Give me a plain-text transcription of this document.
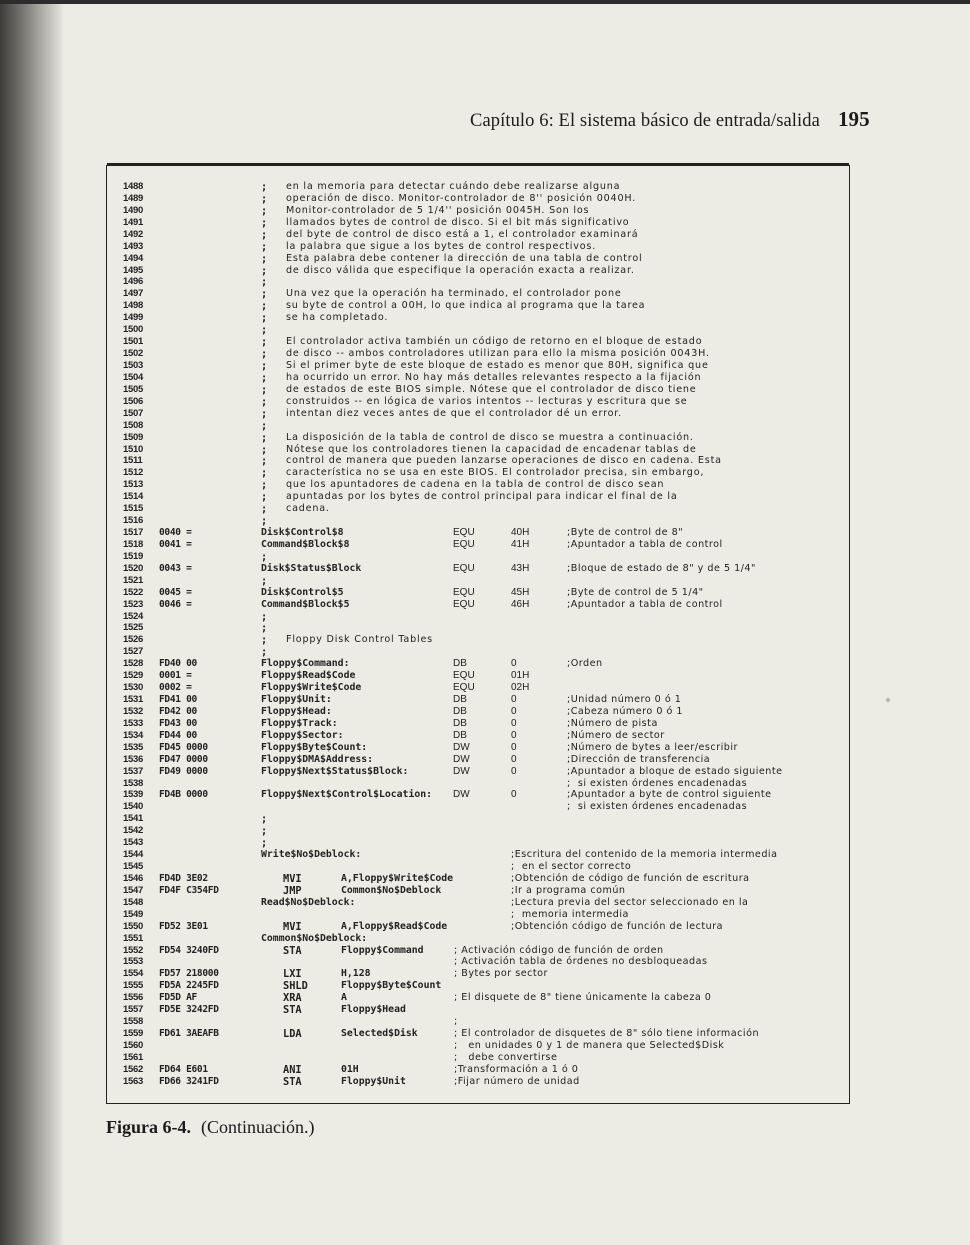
Capítulo 6: El sistema básico de entrada/salida 195
1488	; en la memoria para detectar cuándo debe realizarse alguna
1489	; operación de disco. Monitor-controlador de 8'' posición 0040H.
1490	; Monitor-controlador de 5 1/4'' posición 0045H. Son los
1491	; llamados bytes de control de disco. Si el bit más significativo
1492	; del byte de control de disco está a 1, el controlador examinará
1493	; la palabra que sigue a los bytes de control respectivos.
1494	; Esta palabra debe contener la dirección de una tabla de control
1495	; de disco válida que especifique la operación exacta a realizar.
1496	;
1497	; Una vez que la operación ha terminado, el controlador pone
1498	; su byte de control a 00H, lo que indica al programa que la tarea
1499	; se ha completado.
1500	;
1501	; El controlador activa también un código de retorno en el bloque de estado
1502	; de disco -- ambos controladores utilizan para ello la misma posición 0043H.
1503	; Si el primer byte de este bloque de estado es menor que 80H, significa que
1504	; ha ocurrido un error. No hay más detalles relevantes respecto a la fijación
1505	; de estados de este BIOS simple. Nótese que el controlador de disco tiene
1506	; construidos -- en lógica de varios intentos -- lecturas y escritura que se
1507	; intentan diez veces antes de que el controlador dé un error.
1508	;
1509	; La disposición de la tabla de control de disco se muestra a continuación.
1510	; Nótese que los controladores tienen la capacidad de encadenar tablas de
1511	; control de manera que pueden lanzarse operaciones de disco en cadena. Esta
1512	; característica no se usa en este BIOS. El controlador precisa, sin embargo,
1513	; que los apuntadores de cadena en la tabla de control de disco sean
1514	; apuntadas por los bytes de control principal para indicar el final de la
1515	; cadena.
1516	;
1517 0040 =	Disk$Control$8	EQU	40H	;Byte de control de 8"
1518 0041 =	Command$Block$8	EQU	41H	;Apuntador a tabla de control
1519	;
1520 0043 =	Disk$Status$Block	EQU	43H	;Bloque de estado de 8" y de 5 1/4"
1521	;
1522 0045 =	Disk$Control$5	EQU	45H	;Byte de control de 5 1/4"
1523 0046 =	Command$Block$5	EQU	46H	;Apuntador a tabla de control
1524	;
1525	;
1526	; Floppy Disk Control Tables
1527	;
1528 FD40 00	Floppy$Command:	DB	0	;Orden
1529 0001 =	Floppy$Read$Code	EQU	01H
1530 0002 =	Floppy$Write$Code	EQU	02H
1531 FD41 00	Floppy$Unit:	DB	0	;Unidad número 0 ó 1
1532 FD42 00	Floppy$Head:	DB	0	;Cabeza número 0 ó 1
1533 FD43 00	Floppy$Track:	DB	0	;Número de pista
1534 FD44 00	Floppy$Sector:	DB	0	;Número de sector
1535 FD45 0000	Floppy$Byte$Count:	DW	0	;Número de bytes a leer/escribir
1536 FD47 0000	Floppy$DMA$Address:	DW	0	;Dirección de transferencia
1537 FD49 0000	Floppy$Next$Status$Block:	DW	0	;Apuntador a bloque de estado siguiente
1538	;  si existen órdenes encadenadas
1539 FD4B 0000	Floppy$Next$Control$Location: DW	0	;Apuntador a byte de control siguiente
1540	;  si existen órdenes encadenadas
1541	;
1542	;
1543	;
1544	Write$No$Deblock:	;Escritura del contenido de la memoria intermedia
1545	;  en el sector correcto
1546 FD4D 3E02	MVI	A,Floppy$Write$Code	;Obtención de código de función de escritura
1547 FD4F C354FD	JMP	Common$No$Deblock	;Ir a programa común
1548	Read$No$Deblock:	;Lectura previa del sector seleccionado en la
1549	;  memoria intermedia
1550 FD52 3E01	MVI	A,Floppy$Read$Code	;Obtención código de función de lectura
1551	Common$No$Deblock:
1552 FD54 3240FD	STA	Floppy$Command	; Activación código de función de orden
1553	; Activación tabla de órdenes no desbloqueadas
1554 FD57 218000	LXI	H,128	; Bytes por sector
1555 FD5A 2245FD	SHLD	Floppy$Byte$Count
1556 FD5D AF	XRA	A	; El disquete de 8" tiene únicamente la cabeza 0
1557 FD5E 3242FD	STA	Floppy$Head
1558	;
1559 FD61 3AEAFB	LDA	Selected$Disk	; El controlador de disquetes de 8" sólo tiene información
1560	;   en unidades 0 y 1 de manera que Selected$Disk
1561	;   debe convertirse
1562 FD64 E601	ANI	01H	;Transformación a 1 ó 0
1563 FD66 3241FD	STA	Floppy$Unit	;Fijar número de unidad
Figura 6-4. (Continuación.)
